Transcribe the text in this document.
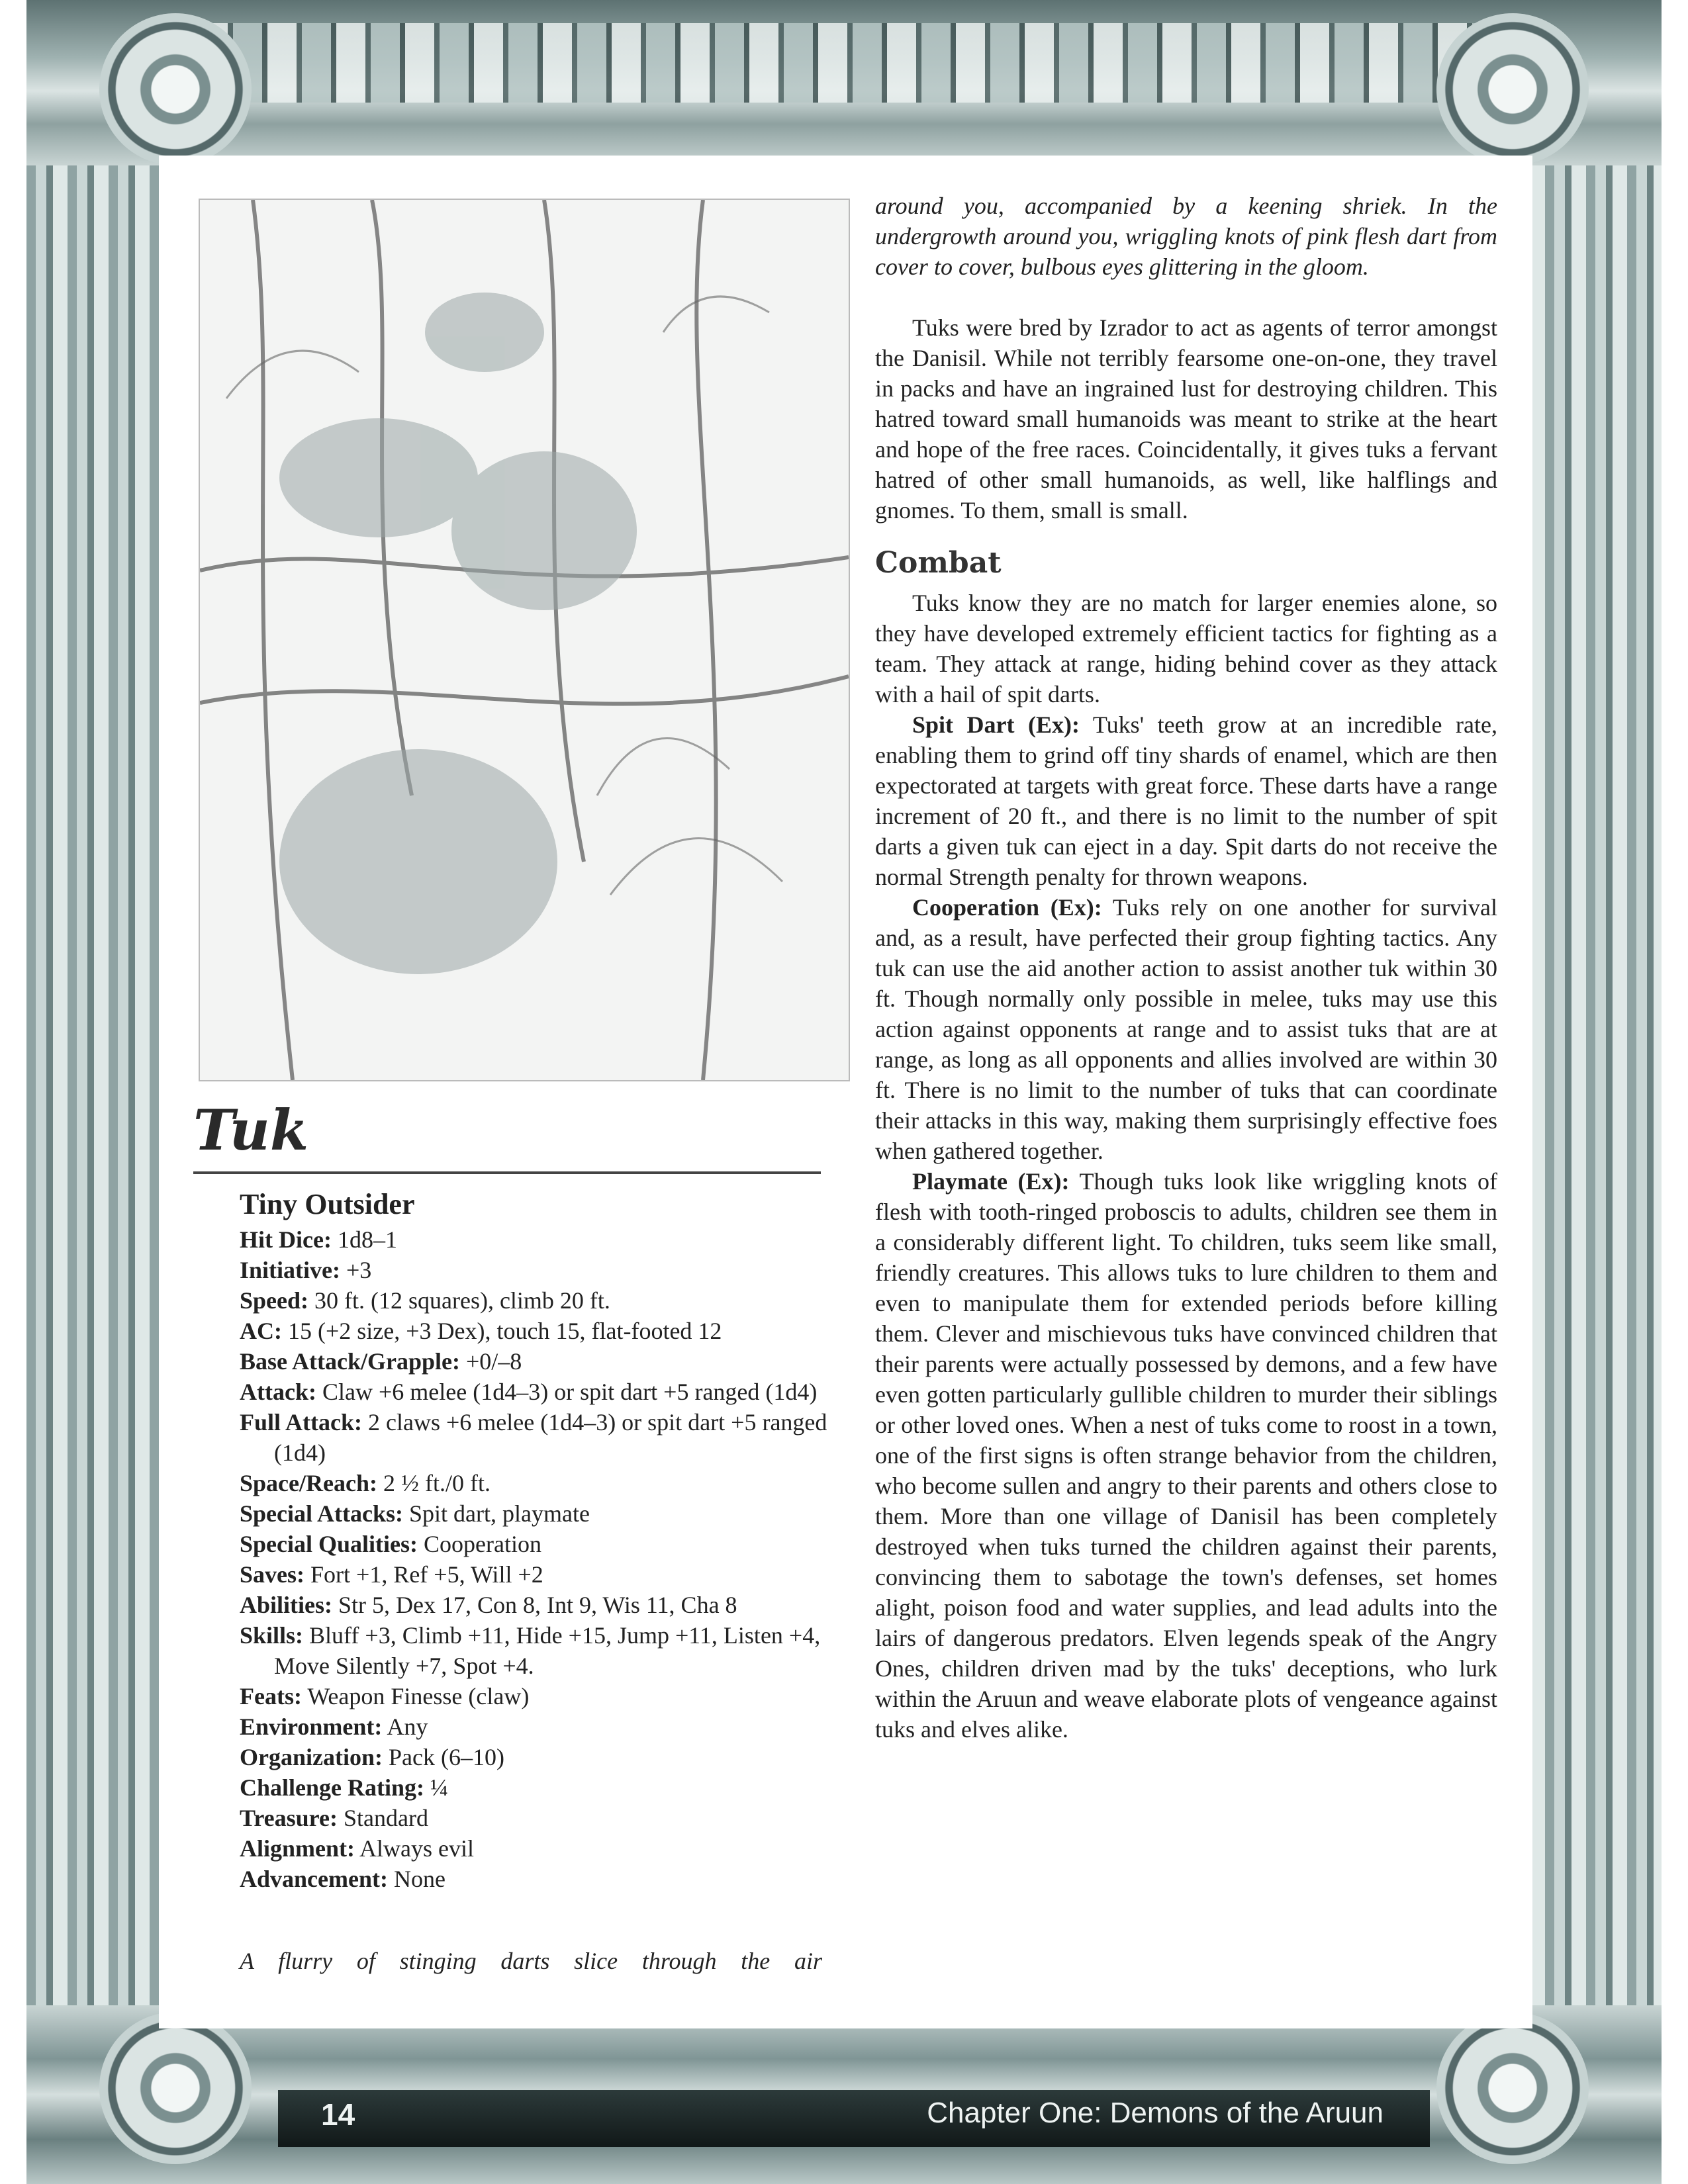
Tuk
Tiny Outsider
Hit Dice: 1d8–1
Initiative: +3
Speed: 30 ft. (12 squares), climb 20 ft.
AC: 15 (+2 size, +3 Dex), touch 15, flat-footed 12
Base Attack/Grapple: +0/–8
Attack: Claw +6 melee (1d4–3) or spit dart +5 ranged (1d4)
Full Attack: 2 claws +6 melee (1d4–3) or spit dart +5 ranged (1d4)
Space/Reach: 2 ½ ft./0 ft.
Special Attacks: Spit dart, playmate
Special Qualities: Cooperation
Saves: Fort +1, Ref +5, Will +2
Abilities: Str 5, Dex 17, Con 8, Int 9, Wis 11, Cha 8
Skills: Bluff +3, Climb +11, Hide +15, Jump +11, Listen +4, Move Silently +7, Spot +4.
Feats: Weapon Finesse (claw)
Environment: Any
Organization: Pack (6–10)
Challenge Rating: ¼
Treasure: Standard
Alignment: Always evil
Advancement: None
A flurry of stinging darts slice through the air

around you, accompanied by a keening shriek. In the undergrowth around you, wriggling knots of pink flesh dart from cover to cover, bulbous eyes glittering in the gloom.

Tuks were bred by Izrador to act as agents of terror amongst the Danisil. While not terribly fearsome one-on-one, they travel in packs and have an ingrained lust for destroying children. This hatred toward small humanoids was meant to strike at the heart and hope of the free races. Coincidentally, it gives tuks a fervant hatred of other small humanoids, as well, like halflings and gnomes. To them, small is small.

Combat

Tuks know they are no match for larger enemies alone, so they have developed extremely efficient tactics for fighting as a team. They attack at range, hiding behind cover as they attack with a hail of spit darts.

Spit Dart (Ex): Tuks' teeth grow at an incredible rate, enabling them to grind off tiny shards of enamel, which are then expectorated at targets with great force. These darts have a range increment of 20 ft., and there is no limit to the number of spit darts a given tuk can eject in a day. Spit darts do not receive the normal Strength penalty for thrown weapons.

Cooperation (Ex): Tuks rely on one another for survival and, as a result, have perfected their group fighting tactics. Any tuk can use the aid another action to assist another tuk within 30 ft. Though normally only possible in melee, tuks may use this action against opponents at range and to assist tuks that are at range, as long as all opponents and allies involved are within 30 ft. There is no limit to the number of tuks that can coordinate their attacks in this way, making them surprisingly effective foes when gathered together.

Playmate (Ex): Though tuks look like wriggling knots of flesh with tooth-ringed proboscis to adults, children see them in a considerably different light. To children, tuks seem like small, friendly creatures. This allows tuks to lure children to them and even to manipulate them for extended periods before killing them. Clever and mischievous tuks have convinced children that their parents were actually possessed by demons, and a few have even gotten particularly gullible children to murder their siblings or other loved ones. When a nest of tuks come to roost in a town, one of the first signs is often strange behavior from the children, who become sullen and angry to their parents and others close to them. More than one village of Danisil has been completely destroyed when tuks turned the children against their parents, convincing them to sabotage the town's defenses, set homes alight, poison food and water supplies, and lead adults into the lairs of dangerous predators. Elven legends speak of the Angry Ones, children driven mad by the tuks' deceptions, who lurk within the Aruun and weave elaborate plots of vengeance against tuks and elves alike.

14	Chapter One: Demons of the Aruun
